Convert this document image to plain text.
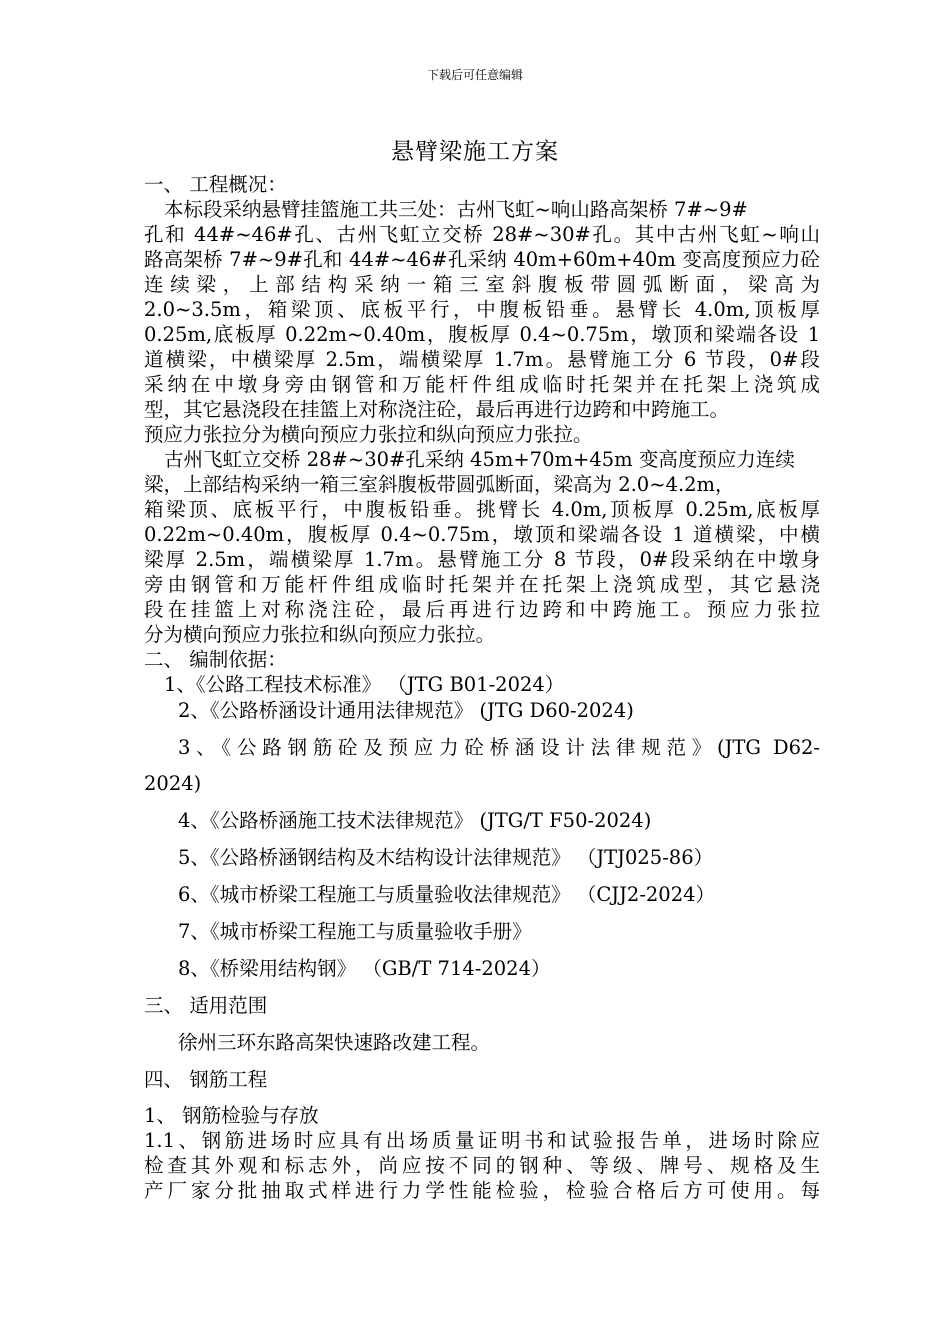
下载后可任意编辑
悬臂梁施工方案
一、 工程概况：
本标段采纳悬臂挂篮施工共三处：古州飞虹~响山路高架桥 7#~9#
孔和 44#~46#孔、古州飞虹立交桥 28#~30#孔。其中古州飞虹~响山
路高架桥 7#~9#孔和 44#~46#孔采纳 40m+60m+40m 变高度预应力砼
连续梁，上部结构采纳一箱三室斜腹板带圆弧断面，梁高为
2.0~3.5m，箱梁顶、底板平行，中腹板铅垂。悬臂长 4.0m,顶板厚
0.25m,底板厚 0.22m~0.40m，腹板厚 0.4~0.75m，墩顶和梁端各设 1
道横梁，中横梁厚 2.5m，端横梁厚 1.7m。悬臂施工分 6 节段，0#段
采纳在中墩身旁由钢管和万能杆件组成临时托架并在托架上浇筑成
型，其它悬浇段在挂篮上对称浇注砼，最后再进行边跨和中跨施工。
预应力张拉分为横向预应力张拉和纵向预应力张拉。
古州飞虹立交桥 28#~30#孔采纳 45m+70m+45m 变高度预应力连续
梁，上部结构采纳一箱三室斜腹板带圆弧断面，梁高为 2.0~4.2m，
箱梁顶、底板平行，中腹板铅垂。挑臂长 4.0m,顶板厚 0.25m,底板厚
0.22m~0.40m，腹板厚 0.4~0.75m，墩顶和梁端各设 1 道横梁，中横
梁厚 2.5m，端横梁厚 1.7m。悬臂施工分 8 节段，0#段采纳在中墩身
旁由钢管和万能杆件组成临时托架并在托架上浇筑成型，其它悬浇
段在挂篮上对称浇注砼，最后再进行边跨和中跨施工。预应力张拉
分为横向预应力张拉和纵向预应力张拉。
二、 编制依据：
1、《公路工程技术标准》 （JTG B01-2024）
2、《公路桥涵设计通用法律规范》 (JTG D60-2024)
3、《公路钢筋砼及预应力砼桥涵设计法律规范》(JTG D62-
2024)
4、《公路桥涵施工技术法律规范》 (JTG/T F50-2024)
5、《公路桥涵钢结构及木结构设计法律规范》 （JTJ025-86）
6、《城市桥梁工程施工与质量验收法律规范》 （CJJ2-2024）
7、《城市桥梁工程施工与质量验收手册》
8、《桥梁用结构钢》 （GB/T 714-2024）
三、 适用范围
徐州三环东路高架快速路改建工程。
四、 钢筋工程
1、 钢筋检验与存放
1.1、钢筋进场时应具有出场质量证明书和试验报告单，进场时除应
检查其外观和标志外，尚应按不同的钢种、等级、牌号、规格及生
产厂家分批抽取式样进行力学性能检验，检验合格后方可使用。每
